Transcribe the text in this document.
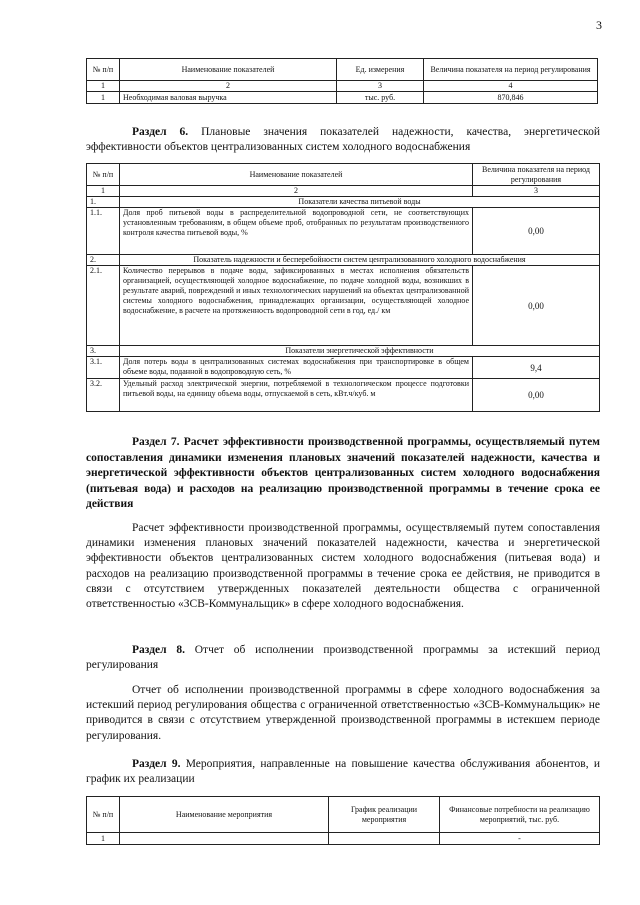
3
№ п/п	Наименование показателей	Ед. измерения	Величина показателя на период регулирования
1	2	3	4
1	Необходимая валовая выручка	тыс. руб.	870,846
Раздел 6. Плановые значения показателей надежности, качества, энергетической эффективности объектов централизованных систем холодного водоснабжения
№ п/п	Наименование показателей	Величина показателя на период регулирования
1	2	3
1.	Показатели качества питьевой воды	
1.1.	Доля проб питьевой воды в распределительной водопроводной сети, не соответствующих установленным требованиям, в общем объеме проб, отобранных по результатам производственного контроля качества питьевой воды, %	0,00
2.	Показатель надежности и бесперебойности систем централизованного холодного водоснабжения	
2.1.	Количество перерывов в подаче воды, зафиксированных в местах исполнения обязательств организацией, осуществляющей холодное водоснабжение, по подаче холодной воды, возникших в результате аварий, повреждений и иных технологических нарушений на объектах централизованной системы холодного водоснабжения, принадлежащих организации, осуществляющей холодное водоснабжение, в расчете на протяженность водопроводной сети в год, ед./ км	0,00
3.	Показатели энергетической эффективности	
3.1.	Доля потерь воды в централизованных системах водоснабжения при транспортировке в общем объеме воды, поданной в водопроводную сеть, %	9,4
3.2.	Удельный расход электрической энергии, потребляемой в технологическом процессе подготовки питьевой воды, на единицу объема воды, отпускаемой в сеть, кВт.ч/куб. м	0,00
Раздел 7. Расчет эффективности производственной программы, осуществляемый путем сопоставления динамики изменения плановых значений показателей надежности, качества и энергетической эффективности объектов централизованных систем холодного водоснабжения (питьевая вода) и расходов на реализацию производственной программы в течение срока ее действия
Расчет эффективности производственной программы, осуществляемый путем сопоставления динамики изменения плановых значений показателей надежности, качества и энергетической эффективности объектов централизованных систем холодного водоснабжения (питьевая вода) и расходов на реализацию производственной программы в течение срока ее действия, не приводится в связи с отсутствием утвержденных показателей деятельности обществa с ограниченной ответственностью «ЗСВ-Коммунальщик» в сфере холодного водоснабжения.
Раздел 8. Отчет об исполнении производственной программы за истекший период регулирования
Отчет об исполнении производственной программы в сфере холодного водоснабжения за истекший период регулирования общества с ограниченной ответственностью «ЗСВ-Коммунальщик» не приводится в связи с отсутствием утвержденной производственной программы в истекшем периоде регулирования.
Раздел 9. Мероприятия, направленные на повышение качества обслуживания абонентов, и график их реализации
№ п/п	Наименование мероприятия	График реализации мероприятия	Финансовые потребности на реализацию мероприятий, тыс. руб.
1			-
